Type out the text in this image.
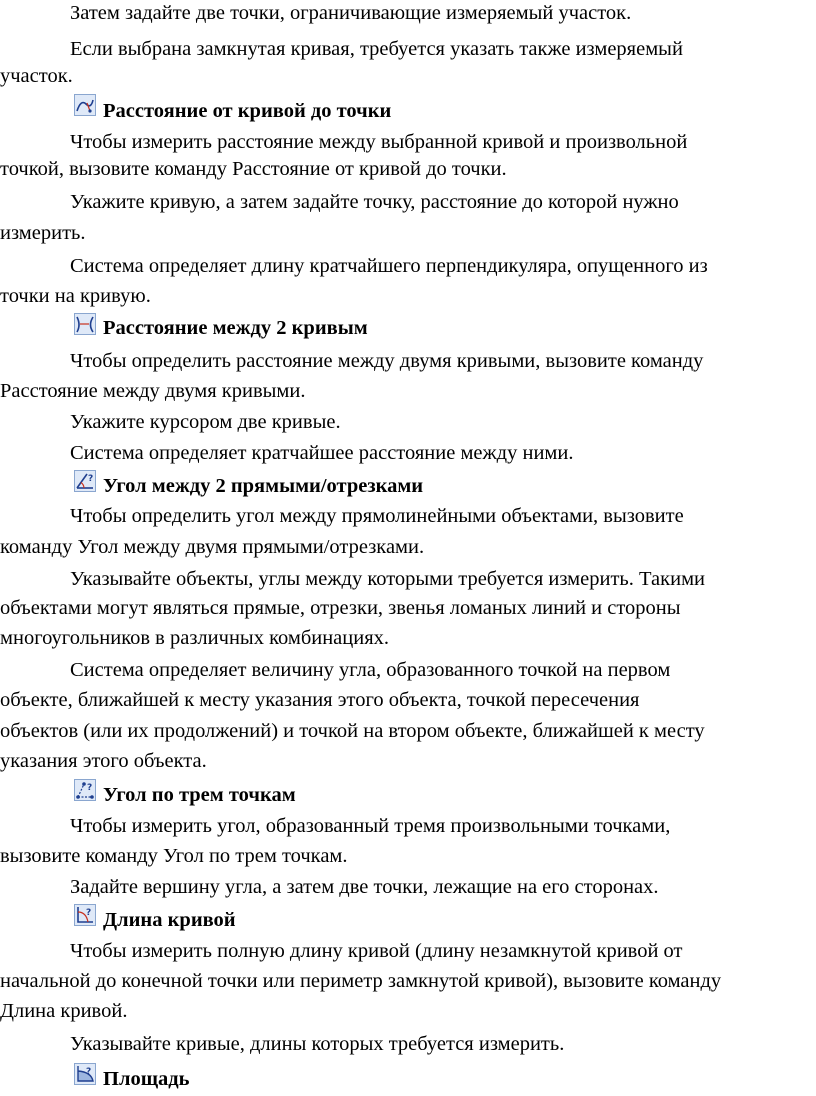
Затем задайте две точки, ограничивающие измеряемый участок.
Если выбрана замкнутая кривая, требуется указать также измеряемый
участок.
Расстояние от кривой до точки
Чтобы измерить расстояние между выбранной кривой и произвольной
точкой, вызовите команду Расстояние от кривой до точки.
Укажите кривую, а затем задайте точку, расстояние до которой нужно
измерить.
Система определяет длину кратчайшего перпендикуляра, опущенного из
точки на кривую.
Расстояние между 2 кривым
Чтобы определить расстояние между двумя кривыми, вызовите команду
Расстояние между двумя кривыми.
Укажите курсором две кривые.
Система определяет кратчайшее расстояние между ними.
? Угол между 2 прямыми/отрезками
Чтобы определить угол между прямолинейными объектами, вызовите
команду Угол между двумя прямыми/отрезками.
Указывайте объекты, углы между которыми требуется измерить. Такими
объектами могут являться прямые, отрезки, звенья ломаных линий и стороны
многоугольников в различных комбинациях.
Система определяет величину угла, образованного точкой на первом
объекте, ближайшей к месту указания этого объекта, точкой пересечения
объектов (или их продолжений) и точкой на втором объекте, ближайшей к месту
указания этого объекта.
? Угол по трем точкам
Чтобы измерить угол, образованный тремя произвольными точками,
вызовите команду Угол по трем точкам.
Задайте вершину угла, а затем две точки, лежащие на его сторонах.
? Длина кривой
Чтобы измерить полную длину кривой (длину незамкнутой кривой от
начальной до конечной точки или периметр замкнутой кривой), вызовите команду
Длина кривой.
Указывайте кривые, длины которых требуется измерить.
? Площадь
